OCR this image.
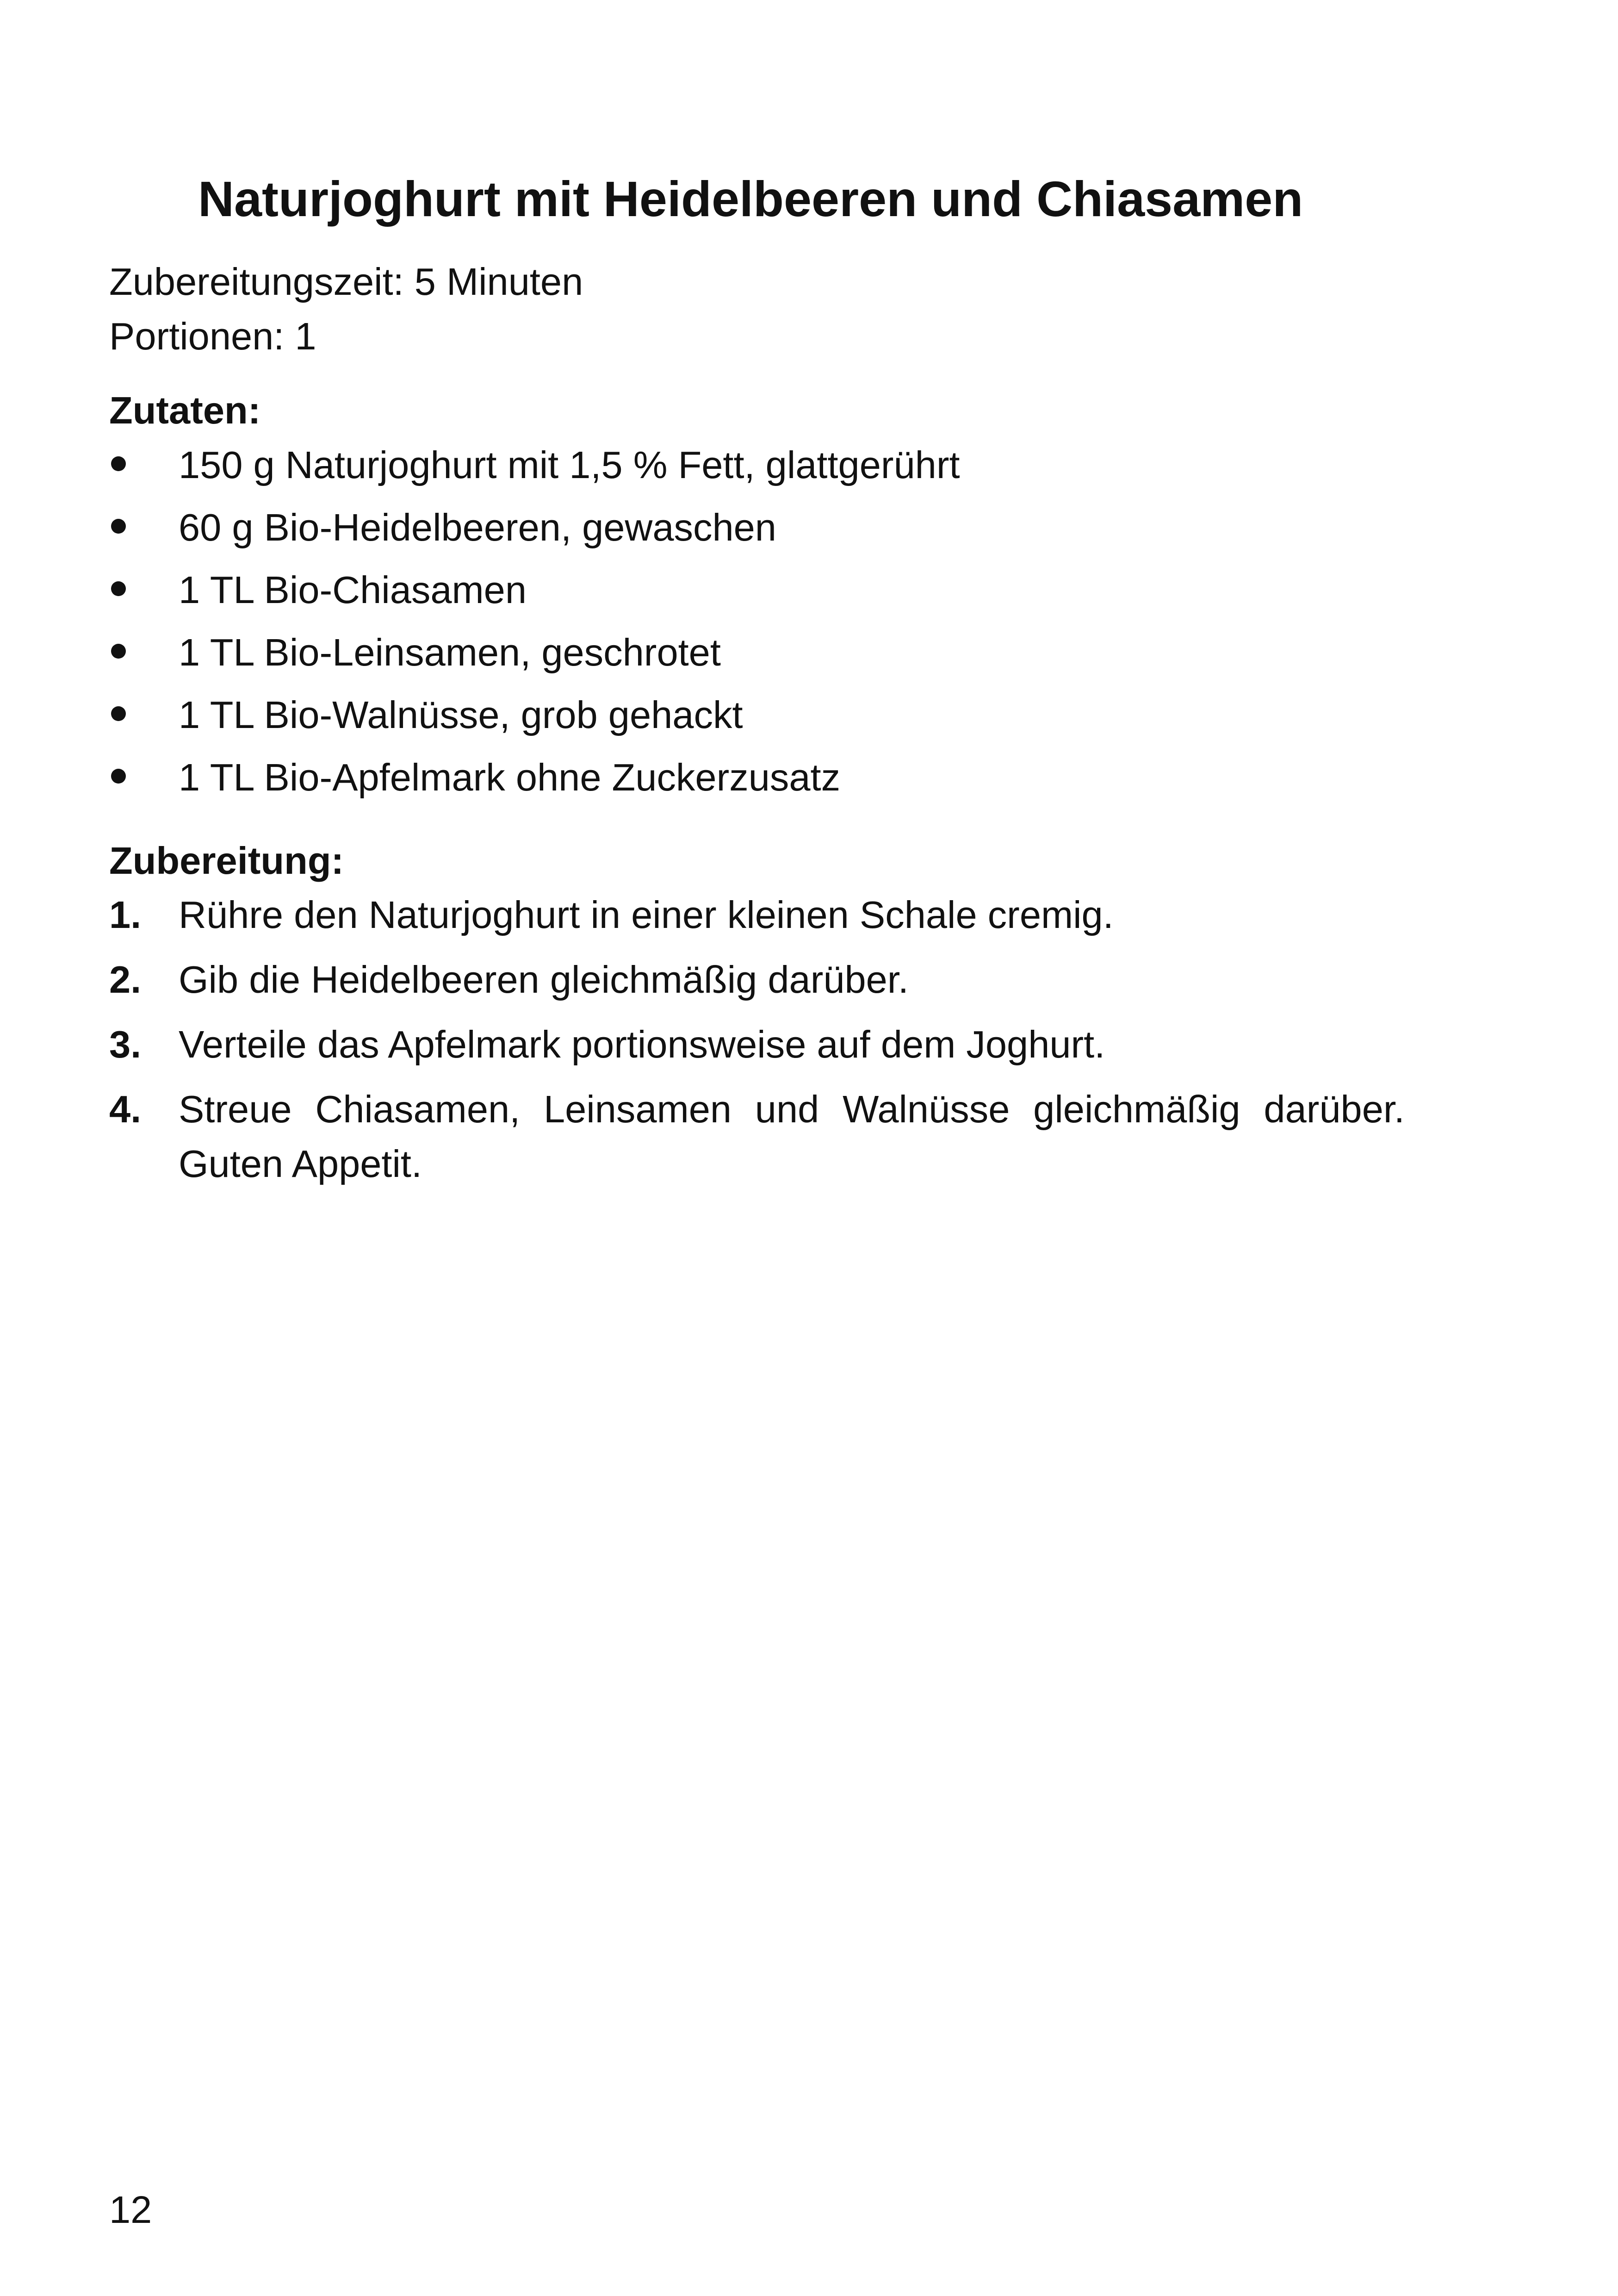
Naturjoghurt mit Heidelbeeren und Chiasamen
Zubereitungszeit: 5 Minuten
Portionen: 1
Zutaten:
150 g Naturjoghurt mit 1,5 % Fett, glattgerührt
60 g Bio-Heidelbeeren, gewaschen
1 TL Bio-Chiasamen
1 TL Bio-Leinsamen, geschrotet
1 TL Bio-Walnüsse, grob gehackt
1 TL Bio-Apfelmark ohne Zuckerzusatz
Zubereitung:
1. Rühre den Naturjoghurt in einer kleinen Schale cremig.
2. Gib die Heidelbeeren gleichmäßig darüber.
3. Verteile das Apfelmark portionsweise auf dem Joghurt.
4. Streue Chiasamen, Leinsamen und Walnüsse gleichmäßig darüber. Guten Appetit.
12
